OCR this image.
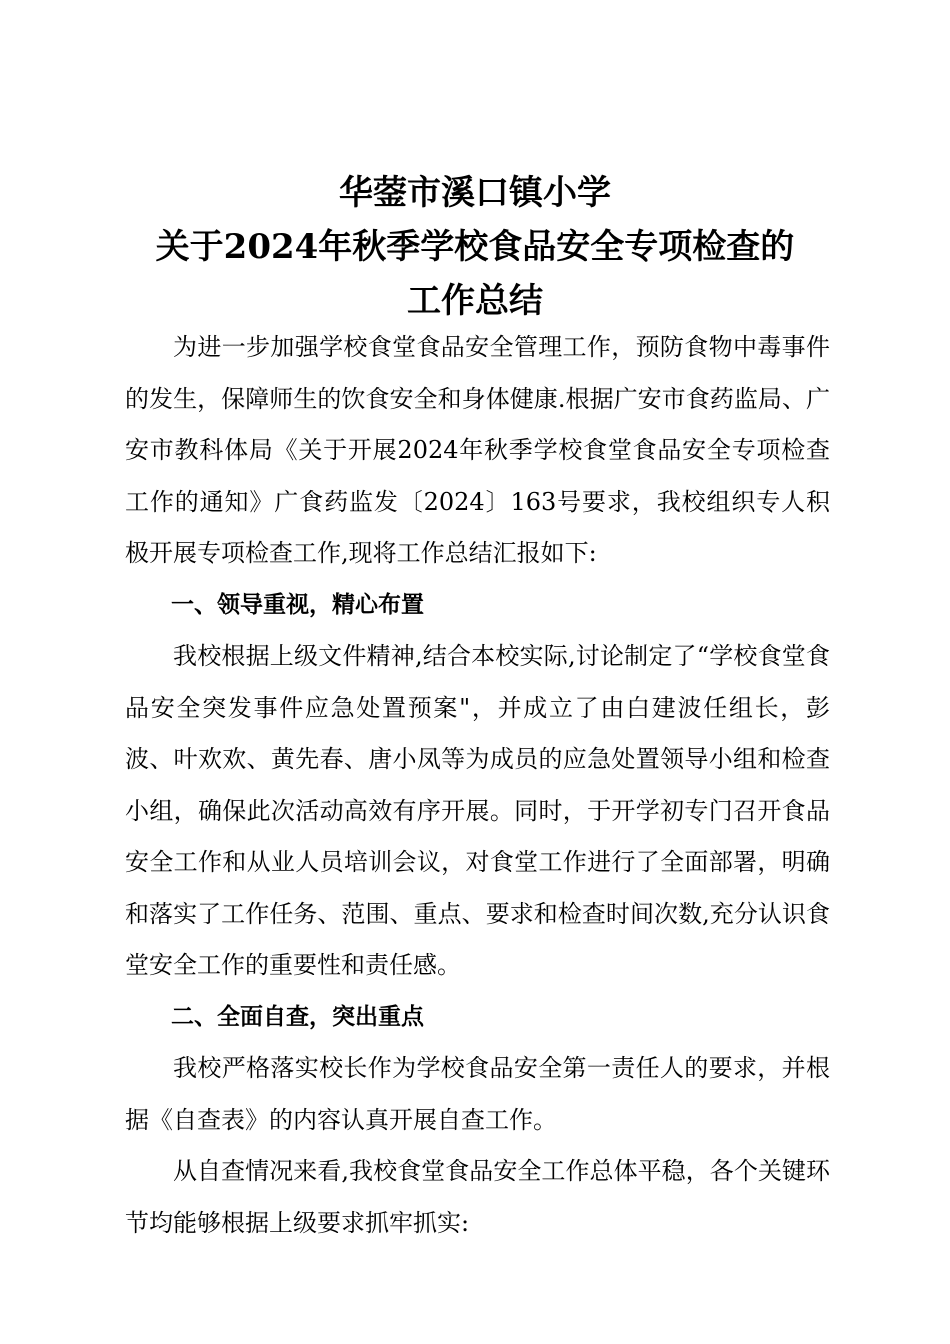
华蓥市溪口镇小学
关于2024年秋季学校食品安全专项检查的
工作总结

为进一步加强学校食堂食品安全管理工作，预防食物中毒事件的发生，保障师生的饮食安全和身体健康.根据广安市食药监局、广安市教科体局《关于开展2024年秋季学校食堂食品安全专项检查工作的通知》广食药监发〔2024〕163号要求，我校组织专人积极开展专项检查工作,现将工作总结汇报如下:

一、领导重视，精心布置

我校根据上级文件精神,结合本校实际,讨论制定了“学校食堂食品安全突发事件应急处置预案"，并成立了由白建波任组长，彭波、叶欢欢、黄先春、唐小凤等为成员的应急处置领导小组和检查小组，确保此次活动高效有序开展。同时，于开学初专门召开食品安全工作和从业人员培训会议，对食堂工作进行了全面部署，明确和落实了工作任务、范围、重点、要求和检查时间次数,充分认识食堂安全工作的重要性和责任感。

二、全面自查，突出重点

我校严格落实校长作为学校食品安全第一责任人的要求，并根据《自查表》的内容认真开展自查工作。

从自查情况来看,我校食堂食品安全工作总体平稳，各个关键环节均能够根据上级要求抓牢抓实:
